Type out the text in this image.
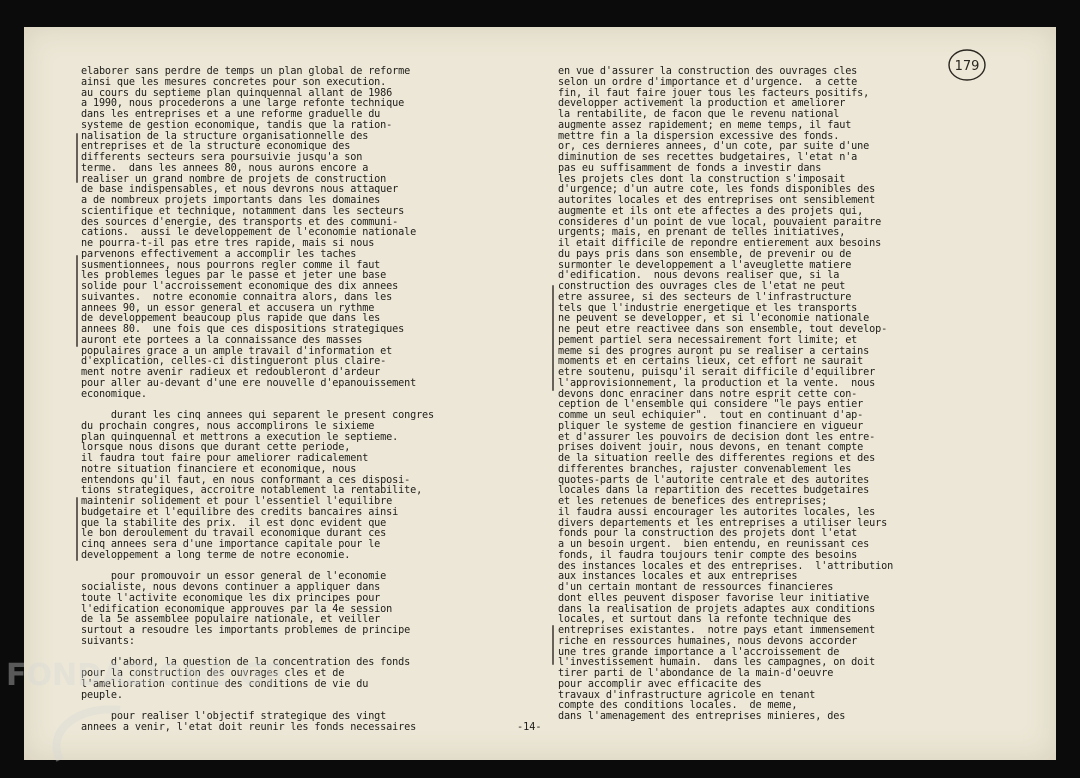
179
elaborer sans perdre de temps un plan global de reforme
ainsi que les mesures concretes pour son execution.
au cours du septieme plan quinquennal allant de 1986
a 1990, nous procederons a une large refonte technique
dans les entreprises et a une reforme graduelle du
systeme de gestion economique, tandis que la ration-
nalisation de la structure organisationnelle des
entreprises et de la structure economique des
differents secteurs sera poursuivie jusqu'a son
terme.  dans les annees 80, nous aurons encore a
realiser un grand nombre de projets de construction
de base indispensables, et nous devrons nous attaquer
a de nombreux projets importants dans les domaines
scientifique et technique, notamment dans les secteurs
des sources d'energie, des transports et des communi-
cations.  aussi le developpement de l'economie nationale
ne pourra-t-il pas etre tres rapide, mais si nous
parvenons effectivement a accomplir les taches
susmentionnees, nous pourrons regler comme il faut
les problemes legues par le passe et jeter une base
solide pour l'accroissement economique des dix annees
suivantes.  notre economie connaitra alors, dans les
annees 90, un essor general et accusera un rythme
de developpement beaucoup plus rapide que dans les
annees 80.  une fois que ces dispositions strategiques
auront ete portees a la connaissance des masses
populaires grace a un ample travail d'information et
d'explication, celles-ci distingueront plus claire-
ment notre avenir radieux et redoubleront d'ardeur
pour aller au-devant d'une ere nouvelle d'epanouissement
economique.
durant les cinq annees qui separent le present congres
du prochain congres, nous accomplirons le sixieme
plan quinquennal et mettrons a execution le septieme.
lorsque nous disons que durant cette periode,
il faudra tout faire pour ameliorer radicalement
notre situation financiere et economique, nous
entendons qu'il faut, en nous conformant a ces disposi-
tions strategiques, accroitre notablement la rentabilite,
maintenir solidement et pour l'essentiel l'equilibre
budgetaire et l'equilibre des credits bancaires ainsi
que la stabilite des prix.  il est donc evident que
le bon deroulement du travail economique durant ces
cinq annees sera d'une importance capitale pour le
developpement a long terme de notre economie.
pour promouvoir un essor general de l'economie
socialiste, nous devons continuer a appliquer dans
toute l'activite economique les dix principes pour
l'edification economique approuves par la 4e session
de la 5e assemblee populaire nationale, et veiller
surtout a resoudre les importants problemes de principe
suivants:
d'abord, la question de la concentration des fonds
pour la construction des ouvrages cles et de
l'amelioration continue des conditions de vie du
peuple.
pour realiser l'objectif strategique des vingt
annees a venir, l'etat doit reunir les fonds necessaires
en vue d'assurer la construction des ouvrages cles
selon un ordre d'importance et d'urgence.  a cette
fin, il faut faire jouer tous les facteurs positifs,
developper activement la production et ameliorer
la rentabilite, de facon que le revenu national
augmente assez rapidement; en meme temps, il faut
mettre fin a la dispersion excessive des fonds.
or, ces dernieres annees, d'un cote, par suite d'une
diminution de ses recettes budgetaires, l'etat n'a
pas eu suffisamment de fonds a investir dans
les projets cles dont la construction s'imposait
d'urgence; d'un autre cote, les fonds disponibles des
autorites locales et des entreprises ont sensiblement
augmente et ils ont ete affectes a des projets qui,
consideres d'un point de vue local, pouvaient paraitre
urgents; mais, en prenant de telles initiatives,
il etait difficile de repondre entierement aux besoins
du pays pris dans son ensemble, de prevenir ou de
surmonter le developpement a l'aveuglette matiere
d'edification.  nous devons realiser que, si la
construction des ouvrages cles de l'etat ne peut
etre assuree, si des secteurs de l'infrastructure
tels que l'industrie energetique et les transports
ne peuvent se developper, et si l'economie nationale
ne peut etre reactivee dans son ensemble, tout develop-
pement partiel sera necessairement fort limite; et
meme si des progres auront pu se realiser a certains
moments et en certains lieux, cet effort ne saurait
etre soutenu, puisqu'il serait difficile d'equilibrer
l'approvisionnement, la production et la vente.  nous
devons donc enraciner dans notre esprit cette con-
ception de l'ensemble qui considere "le pays entier
comme un seul echiquier".  tout en continuant d'ap-
pliquer le systeme de gestion financiere en vigueur
et d'assurer les pouvoirs de decision dont les entre-
prises doivent jouir, nous devons, en tenant compte
de la situation reelle des differentes regions et des
differentes branches, rajuster convenablement les
quotes-parts de l'autorite centrale et des autorites
locales dans la repartition des recettes budgetaires
et les retenues de benefices des entreprises;
il faudra aussi encourager les autorites locales, les
divers departements et les entreprises a utiliser leurs
fonds pour la construction des projets dont l'etat
a un besoin urgent.  bien entendu, en reunissant ces
fonds, il faudra toujours tenir compte des besoins
des instances locales et des entreprises.  l'attribution
aux instances locales et aux entreprises
d'un certain montant de ressources financieres
dont elles peuvent disposer favorise leur initiative
dans la realisation de projets adaptes aux conditions
locales, et surtout dans la refonte technique des
entreprises existantes.  notre pays etant immensement
riche en ressources humaines, nous devons accorder
une tres grande importance a l'accroissement de
l'investissement humain.  dans les campagnes, on doit
tirer parti de l'abondance de la main-d'oeuvre
pour accomplir avec efficacite des
travaux d'infrastructure agricole en tenant
compte des conditions locales.  de meme,
dans l'amenagement des entreprises minieres, des
-14-
FONDAZIONE GR
